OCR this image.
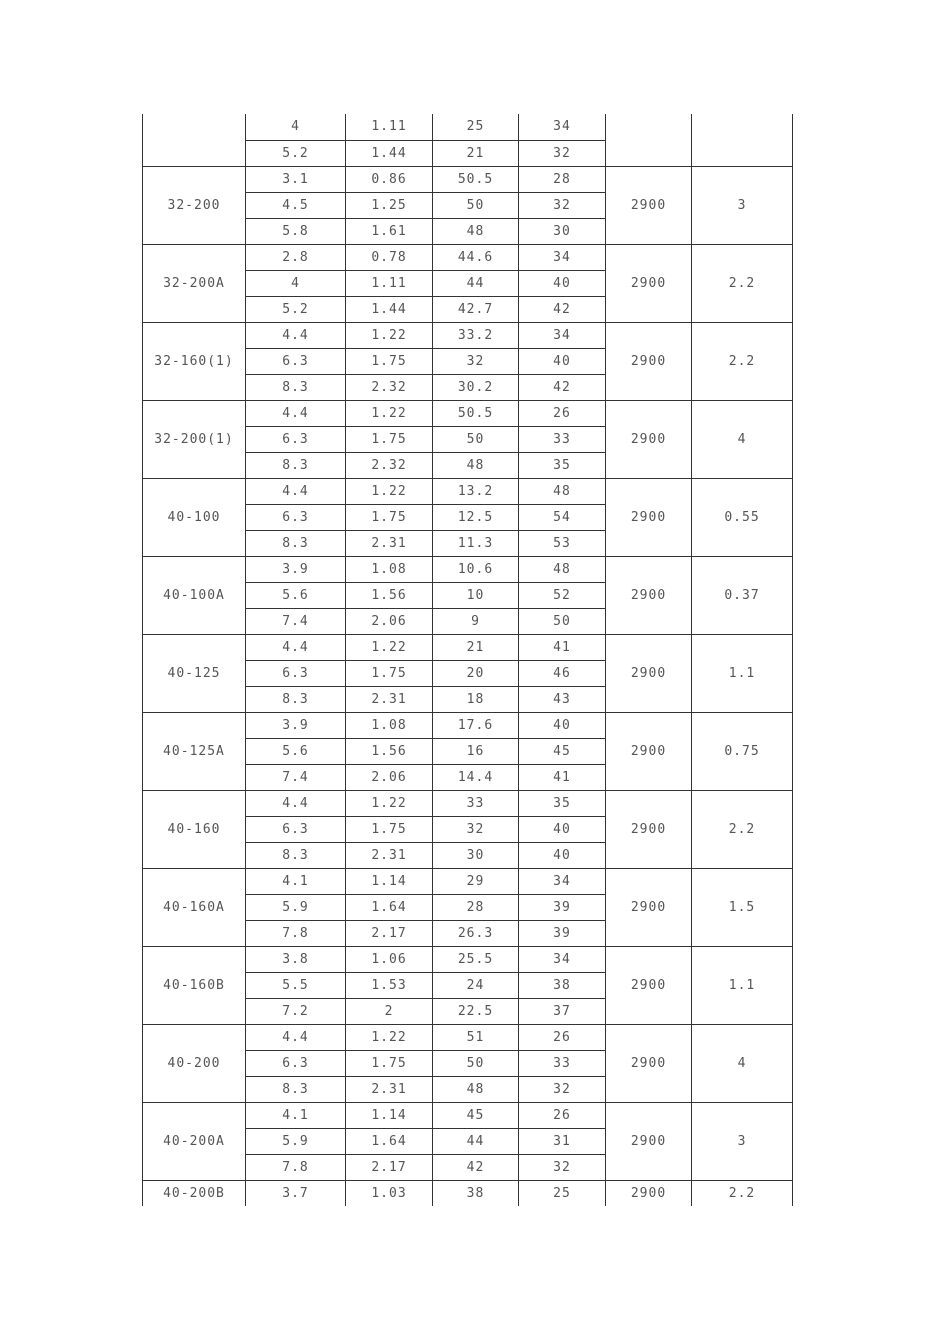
	4	1.11	25	34		
	5.2	1.44	21	32		
32-200	3.1	0.86	50.5	28	2900	3
	4.5	1.25	50	32		
	5.8	1.61	48	30		
32-200A	2.8	0.78	44.6	34	2900	2.2
	4	1.11	44	40		
	5.2	1.44	42.7	42		
32-160(1)	4.4	1.22	33.2	34	2900	2.2
	6.3	1.75	32	40		
	8.3	2.32	30.2	42		
32-200(1)	4.4	1.22	50.5	26	2900	4
	6.3	1.75	50	33		
	8.3	2.32	48	35		
40-100	4.4	1.22	13.2	48	2900	0.55
	6.3	1.75	12.5	54		
	8.3	2.31	11.3	53		
40-100A	3.9	1.08	10.6	48	2900	0.37
	5.6	1.56	10	52		
	7.4	2.06	9	50		
40-125	4.4	1.22	21	41	2900	1.1
	6.3	1.75	20	46		
	8.3	2.31	18	43		
40-125A	3.9	1.08	17.6	40	2900	0.75
	5.6	1.56	16	45		
	7.4	2.06	14.4	41		
40-160	4.4	1.22	33	35	2900	2.2
	6.3	1.75	32	40		
	8.3	2.31	30	40		
40-160A	4.1	1.14	29	34	2900	1.5
	5.9	1.64	28	39		
	7.8	2.17	26.3	39		
40-160B	3.8	1.06	25.5	34	2900	1.1
	5.5	1.53	24	38		
	7.2	2	22.5	37		
40-200	4.4	1.22	51	26	2900	4
	6.3	1.75	50	33		
	8.3	2.31	48	32		
40-200A	4.1	1.14	45	26	2900	3
	5.9	1.64	44	31		
	7.8	2.17	42	32		
40-200B	3.7	1.03	38	25	2900	2.2
